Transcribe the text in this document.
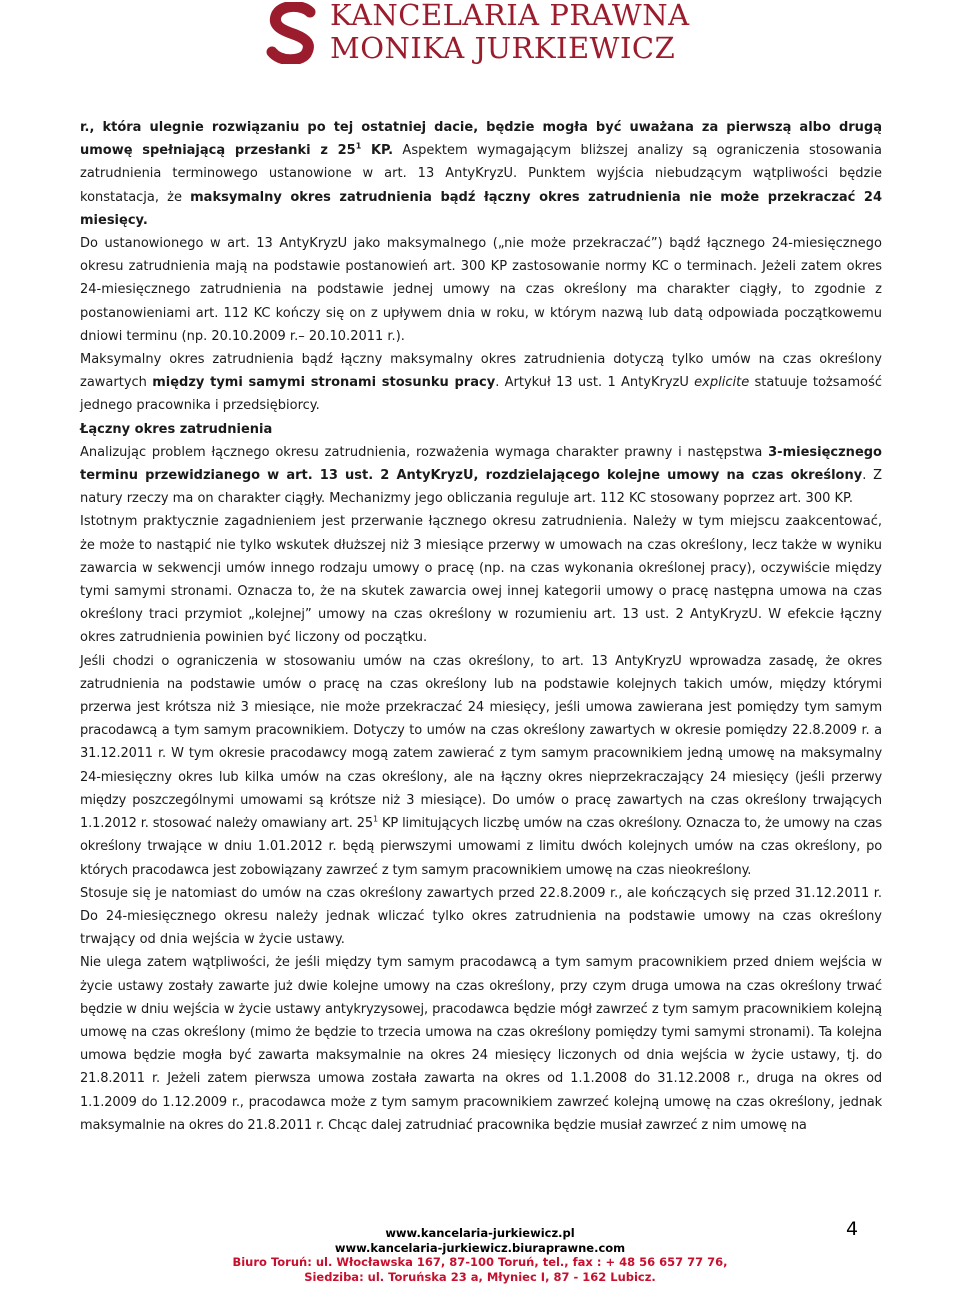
KANCELARIA PRAWNA
MONIKA JURKIEWICZ

r., która ulegnie rozwiązaniu po tej ostatniej dacie, będzie mogła być uważana za pierwszą albo drugą umowę spełniającą przesłanki z $25^1$ KP. Aspektem wymagającym bliższej analizy są ograniczenia stosowania zatrudnienia terminowego ustanowione w art. 13 AntyKryzU. Punktem wyjścia niebudzącym wątpliwości będzie konstatacja, że maksymalny okres zatrudnienia bądź łączny okres zatrudnienia nie może przekraczać 24 miesięcy.

Do ustanowionego w art. 13 AntyKryzU jako maksymalnego („nie może przekraczać”) bądź łącznego 24-miesięcznego okresu zatrudnienia mają na podstawie postanowień art. 300 KP zastosowanie normy KC o terminach. Jeżeli zatem okres 24-miesięcznego zatrudnienia na podstawie jednej umowy na czas określony ma charakter ciągły, to zgodnie z postanowieniami art. 112 KC kończy się on z upływem dnia w roku, w którym nazwą lub datą odpowiada początkowemu dniowi terminu (np. 20.10.2009 r.– 20.10.2011 r.).

Maksymalny okres zatrudnienia bądź łączny maksymalny okres zatrudnienia dotyczą tylko umów na czas określony zawartych między tymi samymi stronami stosunku pracy. Artykuł 13 ust. 1 AntyKryzU explicite statuuje tożsamość jednego pracownika i przedsiębiorcy.

Łączny okres zatrudnienia

Analizując problem łącznego okresu zatrudnienia, rozważenia wymaga charakter prawny i następstwa 3-miesięcznego terminu przewidzianego w art. 13 ust. 2 AntyKryzU, rozdzielającego kolejne umowy na czas określony. Z natury rzeczy ma on charakter ciągły. Mechanizmy jego obliczania reguluje art. 112 KC stosowany poprzez art. 300 KP.

Istotnym praktycznie zagadnieniem jest przerwanie łącznego okresu zatrudnienia. Należy w tym miejscu zaakcentować, że może to nastąpić nie tylko wskutek dłuższej niż 3 miesiące przerwy w umowach na czas określony, lecz także w wyniku zawarcia w sekwencji umów innego rodzaju umowy o pracę (np. na czas wykonania określonej pracy), oczywiście między tymi samymi stronami. Oznacza to, że na skutek zawarcia owej innej kategorii umowy o pracę następna umowa na czas określony traci przymiot „kolejnej” umowy na czas określony w rozumieniu art. 13 ust. 2 AntyKryzU. W efekcie łączny okres zatrudnienia powinien być liczony od początku.

Jeśli chodzi o ograniczenia w stosowaniu umów na czas określony, to art. 13 AntyKryzU wprowadza zasadę, że okres zatrudnienia na podstawie umów o pracę na czas określony lub na podstawie kolejnych takich umów, między którymi przerwa jest krótsza niż 3 miesiące, nie może przekraczać 24 miesięcy, jeśli umowa zawierana jest pomiędzy tym samym pracodawcą a tym samym pracownikiem. Dotyczy to umów na czas określony zawartych w okresie pomiędzy 22.8.2009 r. a 31.12.2011 r. W tym okresie pracodawcy mogą zatem zawierać z tym samym pracownikiem jedną umowę na maksymalny 24-miesięczny okres lub kilka umów na czas określony, ale na łączny okres nieprzekraczający 24 miesięcy (jeśli przerwy między poszczególnymi umowami są krótsze niż 3 miesiące). Do umów o pracę zawartych na czas określony trwających 1.1.2012 r. stosować należy omawiany art. $25^1$ KP limitujących liczbę umów na czas określony. Oznacza to, że umowy na czas określony trwające w dniu 1.01.2012 r. będą pierwszymi umowami z limitu dwóch kolejnych umów na czas określony, po których pracodawca jest zobowiązany zawrzeć z tym samym pracownikiem umowę na czas nieokreślony.

Stosuje się je natomiast do umów na czas określony zawartych przed 22.8.2009 r., ale kończących się przed 31.12.2011 r. Do 24-miesięcznego okresu należy jednak wliczać tylko okres zatrudnienia na podstawie umowy na czas określony trwający od dnia wejścia w życie ustawy.

Nie ulega zatem wątpliwości, że jeśli między tym samym pracodawcą a tym samym pracownikiem przed dniem wejścia w życie ustawy zostały zawarte już dwie kolejne umowy na czas określony, przy czym druga umowa na czas określony trwać będzie w dniu wejścia w życie ustawy antykryzysowej, pracodawca będzie mógł zawrzeć z tym samym pracownikiem kolejną umowę na czas określony (mimo że będzie to trzecia umowa na czas określony pomiędzy tymi samymi stronami). Ta kolejna umowa będzie mogła być zawarta maksymalnie na okres 24 miesięcy liczonych od dnia wejścia w życie ustawy, tj. do 21.8.2011 r. Jeżeli zatem pierwsza umowa została zawarta na okres od 1.1.2008 do 31.12.2008 r., druga na okres od 1.1.2009 do 1.12.2009 r., pracodawca może z tym samym pracownikiem zawrzeć kolejną umowę na czas określony, jednak maksymalnie na okres do 21.8.2011 r. Chcąc dalej zatrudniać pracownika będzie musiał zawrzeć z nim umowę na

4
www.kancelaria-jurkiewicz.pl
www.kancelaria-jurkiewicz.biuraprawne.com
Biuro Toruń: ul. Włocławska 167, 87-100 Toruń, tel., fax : + 48 56 657 77 76,
Siedziba: ul. Toruńska 23 a, Młyniec I, 87 - 162 Lubicz.
